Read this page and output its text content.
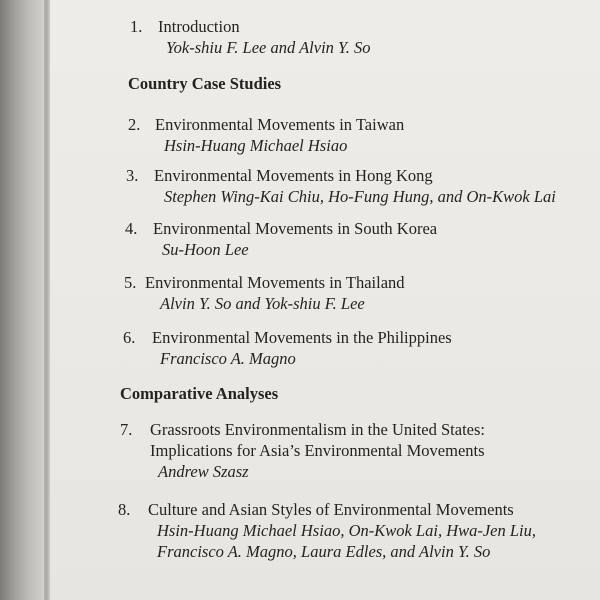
1. Introduction
Yok-shiu F. Lee and Alvin Y. So
Country Case Studies
2. Environmental Movements in Taiwan
Hsin-Huang Michael Hsiao
3. Environmental Movements in Hong Kong
Stephen Wing-Kai Chiu, Ho-Fung Hung, and On-Kwok Lai
4. Environmental Movements in South Korea
Su-Hoon Lee
5. Environmental Movements in Thailand
Alvin Y. So and Yok-shiu F. Lee
6. Environmental Movements in the Philippines
Francisco A. Magno
Comparative Analyses
7. Grassroots Environmentalism in the United States:
Implications for Asia’s Environmental Movements
Andrew Szasz
8. Culture and Asian Styles of Environmental Movements
Hsin-Huang Michael Hsiao, On-Kwok Lai, Hwa-Jen Liu,
Francisco A. Magno, Laura Edles, and Alvin Y. So
